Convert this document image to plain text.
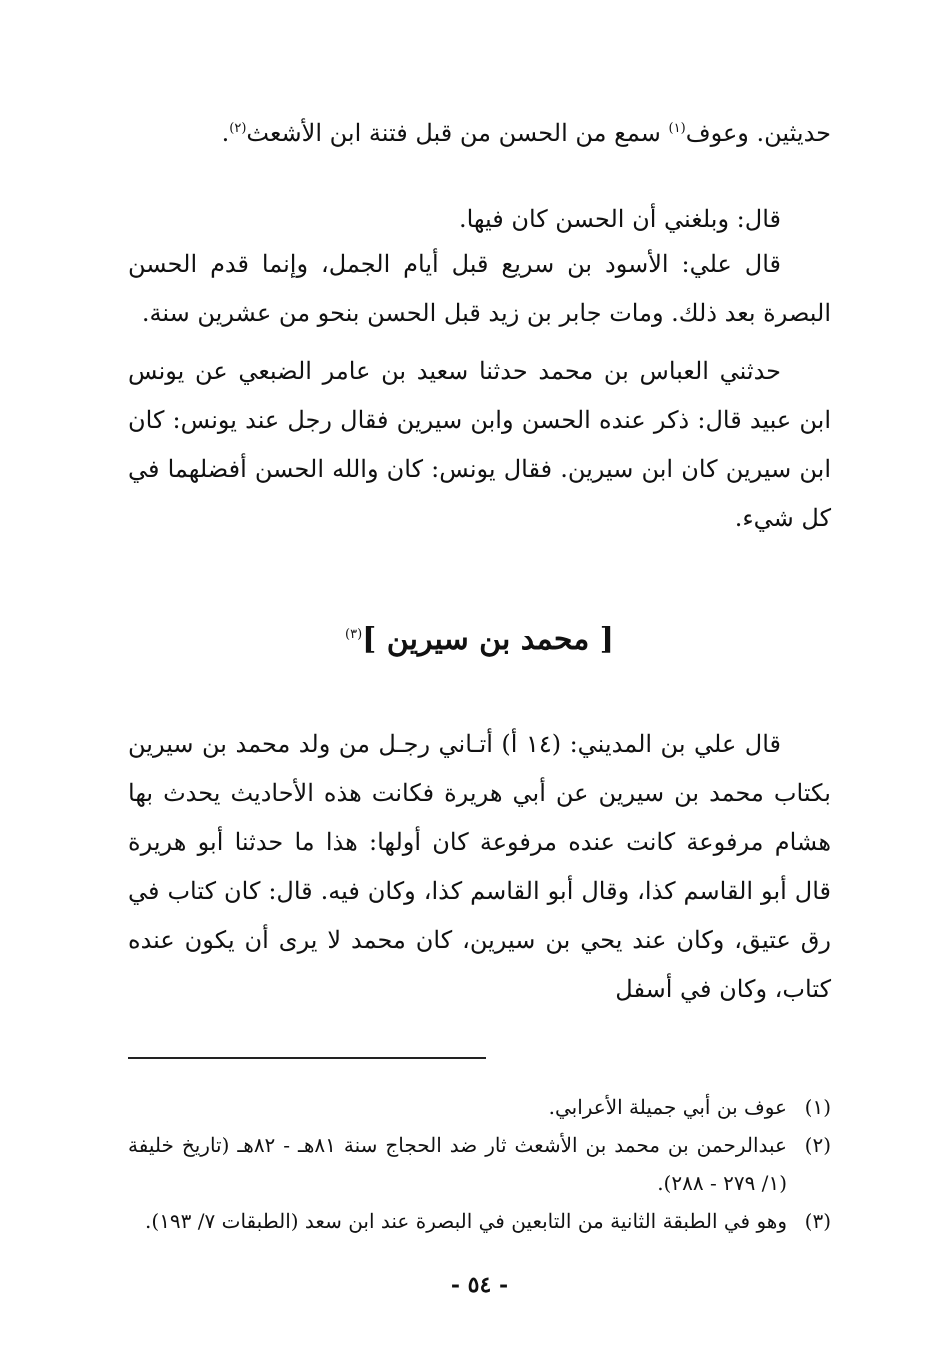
حديثين. وعوف$^{(١)}$ سمع من الحسن من قبل فتنة ابن الأشعث$^{(٢)}$.

قال: وبلغني أن الحسن كان فيها.

قال علي: الأسود بن سريع قبل أيام الجمل، وإنما قدم الحسن البصرة بعد ذلك. ومات جابر بن زيد قبل الحسن بنحو من عشرين سنة.

حدثني العباس بن محمد حدثنا سعيد بن عامر الضبعي عن يونس ابن عبيد قال: ذكر عنده الحسن وابن سيرين فقال رجل عند يونس: كان ابن سيرين كان ابن سيرين. فقال يونس: كان والله الحسن أفضلهما في كل شيء.

[ محمد بن سيرين ]$^{(٣)}$

قال علي بن المديني: (١٤ أ) أتـاني رجـل من ولد محمد بن سيرين بكتاب محمد بن سيرين عن أبي هريرة فكانت هذه الأحاديث يحدث بها هشام مرفوعة كانت عنده مرفوعة كان أولها: هذا ما حدثنا أبو هريرة قال أبو القاسم كذا، وقال أبو القاسم كذا، وكان فيه. قال: كان كتاب في رق عتيق، وكان عند يحي بن سيرين، كان محمد لا يرى أن يكون عنده كتاب، وكان في أسفل

(١)
عوف بن أبي جميلة الأعرابي.
(٢)
عبدالرحمن بن محمد بن الأشعث ثار ضد الحجاج سنة ٨١هـ - ٨٢هـ (تاريخ خليفة (١/ ٢٧٩ - ٢٨٨).
(٣)
وهو في الطبقة الثانية من التابعين في البصرة عند ابن سعد (الطبقات ٧/ ١٩٣).
- ٥٤ -
